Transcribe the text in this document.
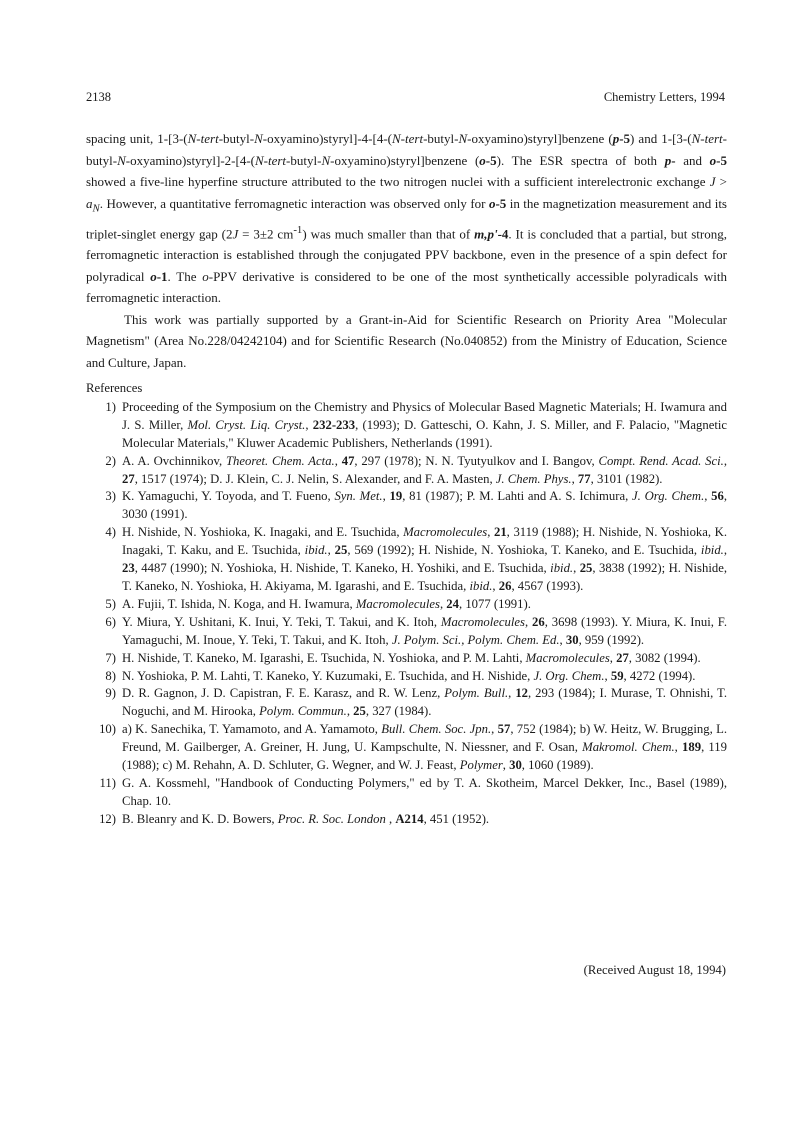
2138	Chemistry Letters, 1994

spacing unit, 1-[3-(N-tert-butyl-N-oxyamino)styryl]-4-[4-(N-tert-butyl-N-oxyamino)styryl]benzene (p-5) and 1-[3-(N-tert-butyl-N-oxyamino)styryl]-2-[4-(N-tert-butyl-N-oxyamino)styryl]benzene (o-5). The ESR spectra of both p- and o-5 showed a five-line hyperfine structure attributed to the two nitrogen nuclei with a sufficient interelectronic exchange $J > a_N$. However, a quantitative ferromagnetic interaction was observed only for o-5 in the magnetization measurement and its triplet-singlet energy gap (2J = 3±2 $cm^{-1}$) was much smaller than that of m,p'-4. It is concluded that a partial, but strong, ferromagnetic interaction is established through the conjugated PPV backbone, even in the presence of a spin defect for polyradical o-1. The o-PPV derivative is considered to be one of the most synthetically accessible polyradicals with ferromagnetic interaction.

This work was partially supported by a Grant-in-Aid for Scientific Research on Priority Area "Molecular Magnetism" (Area No.228/04242104) and for Scientific Research (No.040852) from the Ministry of Education, Science and Culture, Japan.

References
1) Proceeding of the Symposium on the Chemistry and Physics of Molecular Based Magnetic Materials; H. Iwamura and J. S. Miller, Mol. Cryst. Liq. Cryst., 232-233, (1993); D. Gatteschi, O. Kahn, J. S. Miller, and F. Palacio, "Magnetic Molecular Materials," Kluwer Academic Publishers, Netherlands (1991).
2) A. A. Ovchinnikov, Theoret. Chem. Acta., 47, 297 (1978); N. N. Tyutyulkov and I. Bangov, Compt. Rend. Acad. Sci., 27, 1517 (1974); D. J. Klein, C. J. Nelin, S. Alexander, and F. A. Masten, J. Chem. Phys., 77, 3101 (1982).
3) K. Yamaguchi, Y. Toyoda, and T. Fueno, Syn. Met., 19, 81 (1987); P. M. Lahti and A. S. Ichimura, J. Org. Chem., 56, 3030 (1991).
4) H. Nishide, N. Yoshioka, K. Inagaki, and E. Tsuchida, Macromolecules, 21, 3119 (1988); H. Nishide, N. Yoshioka, K. Inagaki, T. Kaku, and E. Tsuchida, ibid., 25, 569 (1992); H. Nishide, N. Yoshioka, T. Kaneko, and E. Tsuchida, ibid., 23, 4487 (1990); N. Yoshioka, H. Nishide, T. Kaneko, H. Yoshiki, and E. Tsuchida, ibid., 25, 3838 (1992); H. Nishide, T. Kaneko, N. Yoshioka, H. Akiyama, M. Igarashi, and E. Tsuchida, ibid., 26, 4567 (1993).
5) A. Fujii, T. Ishida, N. Koga, and H. Iwamura, Macromolecules, 24, 1077 (1991).
6) Y. Miura, Y. Ushitani, K. Inui, Y. Teki, T. Takui, and K. Itoh, Macromolecules, 26, 3698 (1993). Y. Miura, K. Inui, F. Yamaguchi, M. Inoue, Y. Teki, T. Takui, and K. Itoh, J. Polym. Sci., Polym. Chem. Ed., 30, 959 (1992).
7) H. Nishide, T. Kaneko, M. Igarashi, E. Tsuchida, N. Yoshioka, and P. M. Lahti, Macromolecules, 27, 3082 (1994).
8) N. Yoshioka, P. M. Lahti, T. Kaneko, Y. Kuzumaki, E. Tsuchida, and H. Nishide, J. Org. Chem., 59, 4272 (1994).
9) D. R. Gagnon, J. D. Capistran, F. E. Karasz, and R. W. Lenz, Polym. Bull., 12, 293 (1984); I. Murase, T. Ohnishi, T. Noguchi, and M. Hirooka, Polym. Commun., 25, 327 (1984).
10) a) K. Sanechika, T. Yamamoto, and A. Yamamoto, Bull. Chem. Soc. Jpn., 57, 752 (1984); b) W. Heitz, W. Brugging, L. Freund, M. Gailberger, A. Greiner, H. Jung, U. Kampschulte, N. Niessner, and F. Osan, Makromol. Chem., 189, 119 (1988); c) M. Rehahn, A. D. Schluter, G. Wegner, and W. J. Feast, Polymer, 30, 1060 (1989).
11) G. A. Kossmehl, "Handbook of Conducting Polymers," ed by T. A. Skotheim, Marcel Dekker, Inc., Basel (1989), Chap. 10.
12) B. Bleanry and K. D. Bowers, Proc. R. Soc. London , A214, 451 (1952).
(Received August 18, 1994)
